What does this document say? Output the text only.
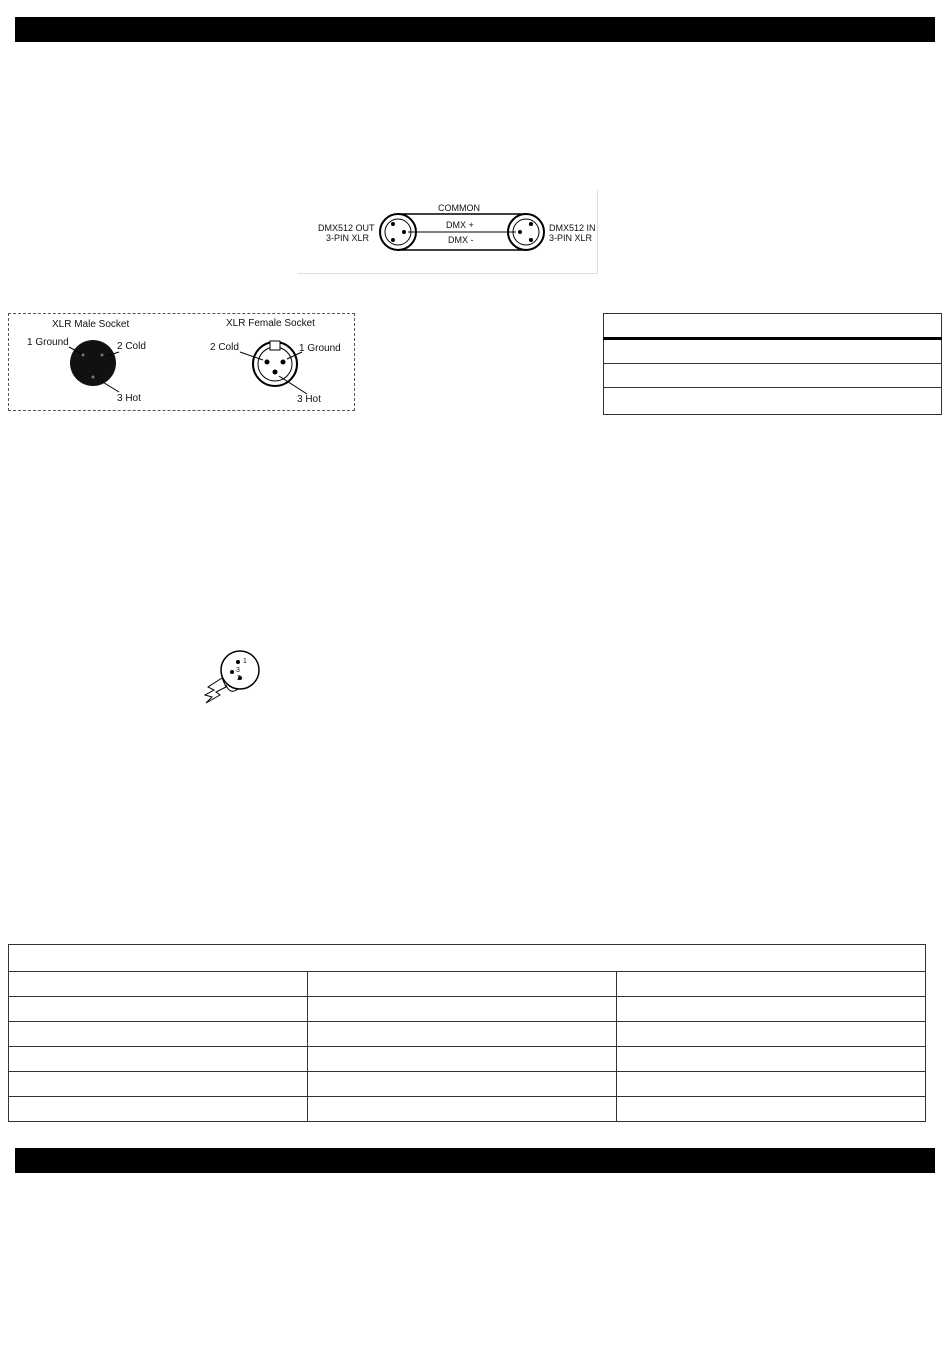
COMMON
DMX +
DMX -
DMX512 OUT
3-PIN XLR
DMX512 IN
3-PIN XLR
XLR Male Socket	XLR Female Socket
1 Ground	2 Cold
3 Hot
2 Cold	1 Ground
3 Hot

1
2
3
